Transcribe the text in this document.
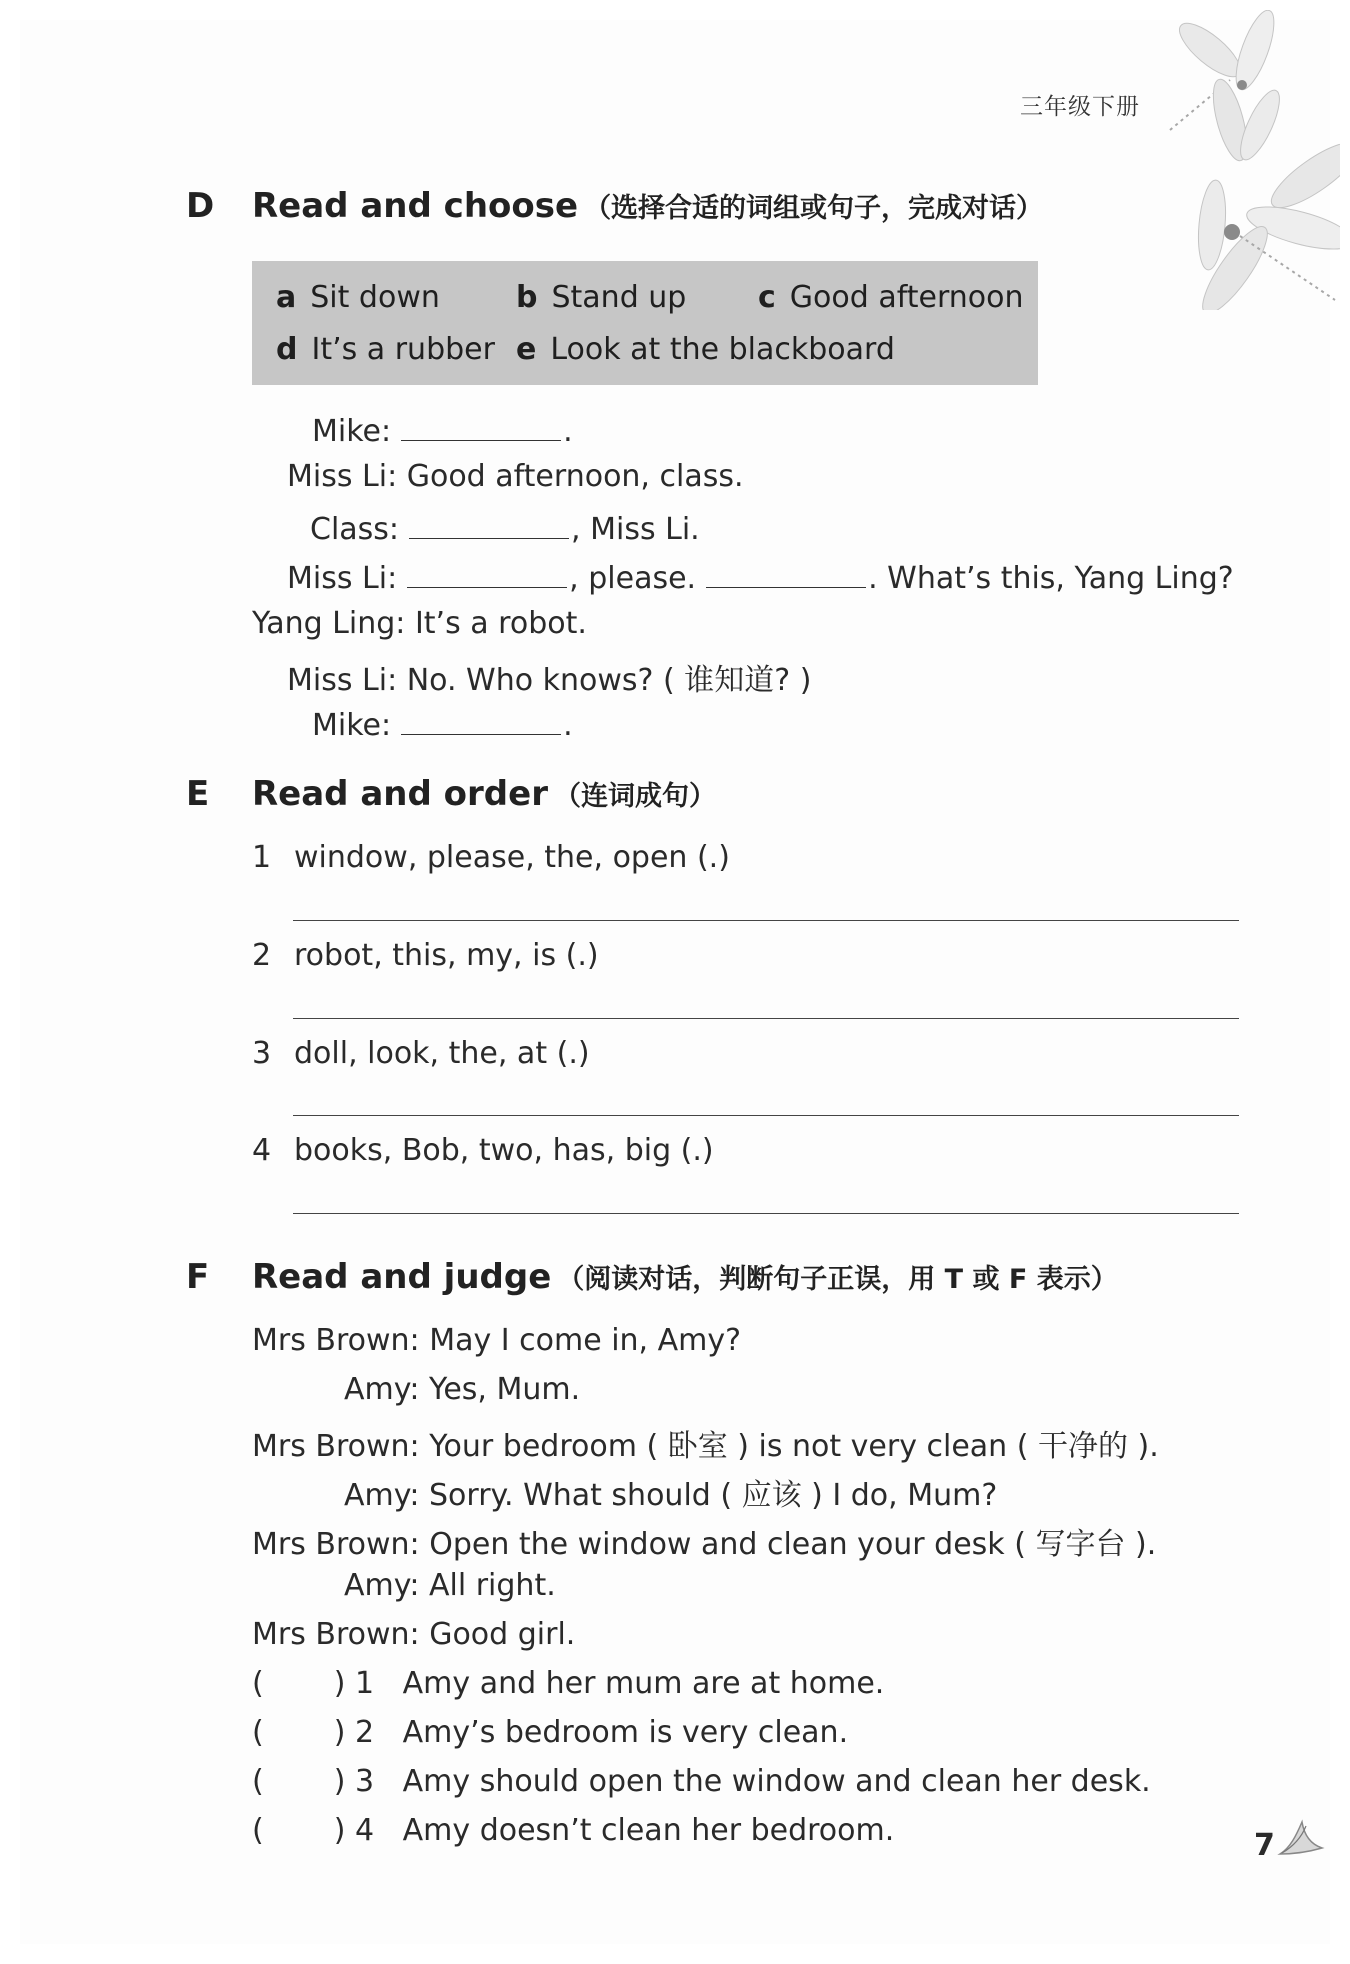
三年级下册
D Read and choose （选择合适的词组或句子，完成对话）
a Sit down	b Stand up c Good afternoon
d It’s a rubber e Look at the blackboard
Mike:	.
Miss Li: Good afternoon, class.
Class:	, Miss Li.
Miss Li:	, please.	. What’s this, Yang Ling?
Yang Ling: It’s a robot.
Miss Li: No. Who knows? ( 谁知道? )
Mike:	.
E Read and order （连词成句）
1 window, please, the, open (.)
2 robot, this, my, is (.)
3 doll, look, the, at (.)
4 books, Bob, two, has, big (.)
F Read and judge （阅读对话，判断句子正误，用 T 或 F 表示）
Mrs Brown: May I come in, Amy?
Amy: Yes, Mum.
Mrs Brown: Your bedroom ( 卧室 ) is not very clean ( 干净的 ).
Amy: Sorry. What should ( 应该 ) I do, Mum?
Mrs Brown: Open the window and clean your desk ( 写字台 ).
Amy: All right.
Mrs Brown: Good girl.
( ) 1 Amy and her mum are at home.
( ) 2 Amy’s bedroom is very clean.
( ) 3 Amy should open the window and clean her desk.
( ) 4 Amy doesn’t clean her bedroom.	7
